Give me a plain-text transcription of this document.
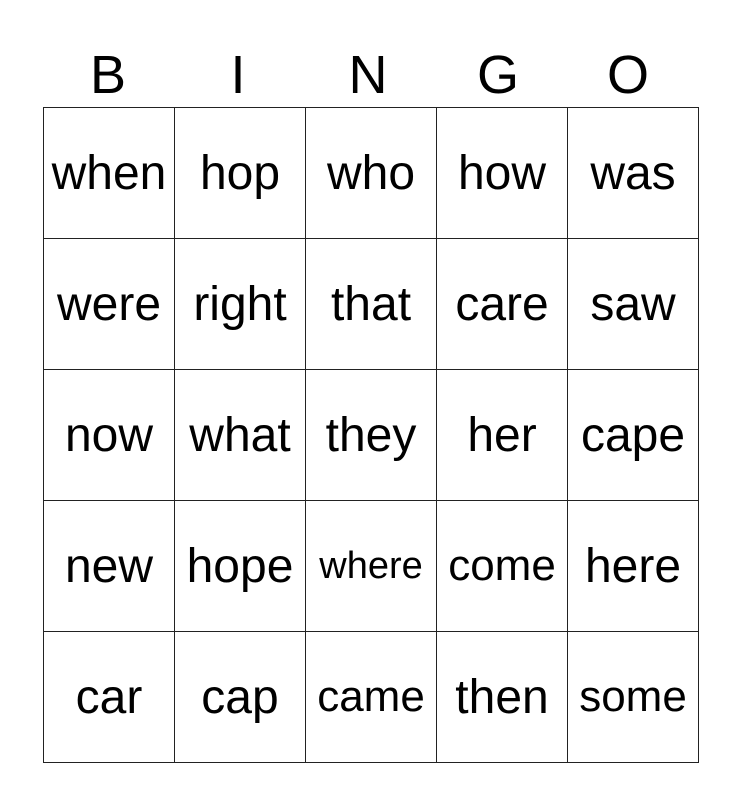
B	I	N	G	O
when	hop	who	how	was
were	right	that	care	saw
now	what	they	her	cape
new	hope	where	come	here
car	cap	came	then	some
